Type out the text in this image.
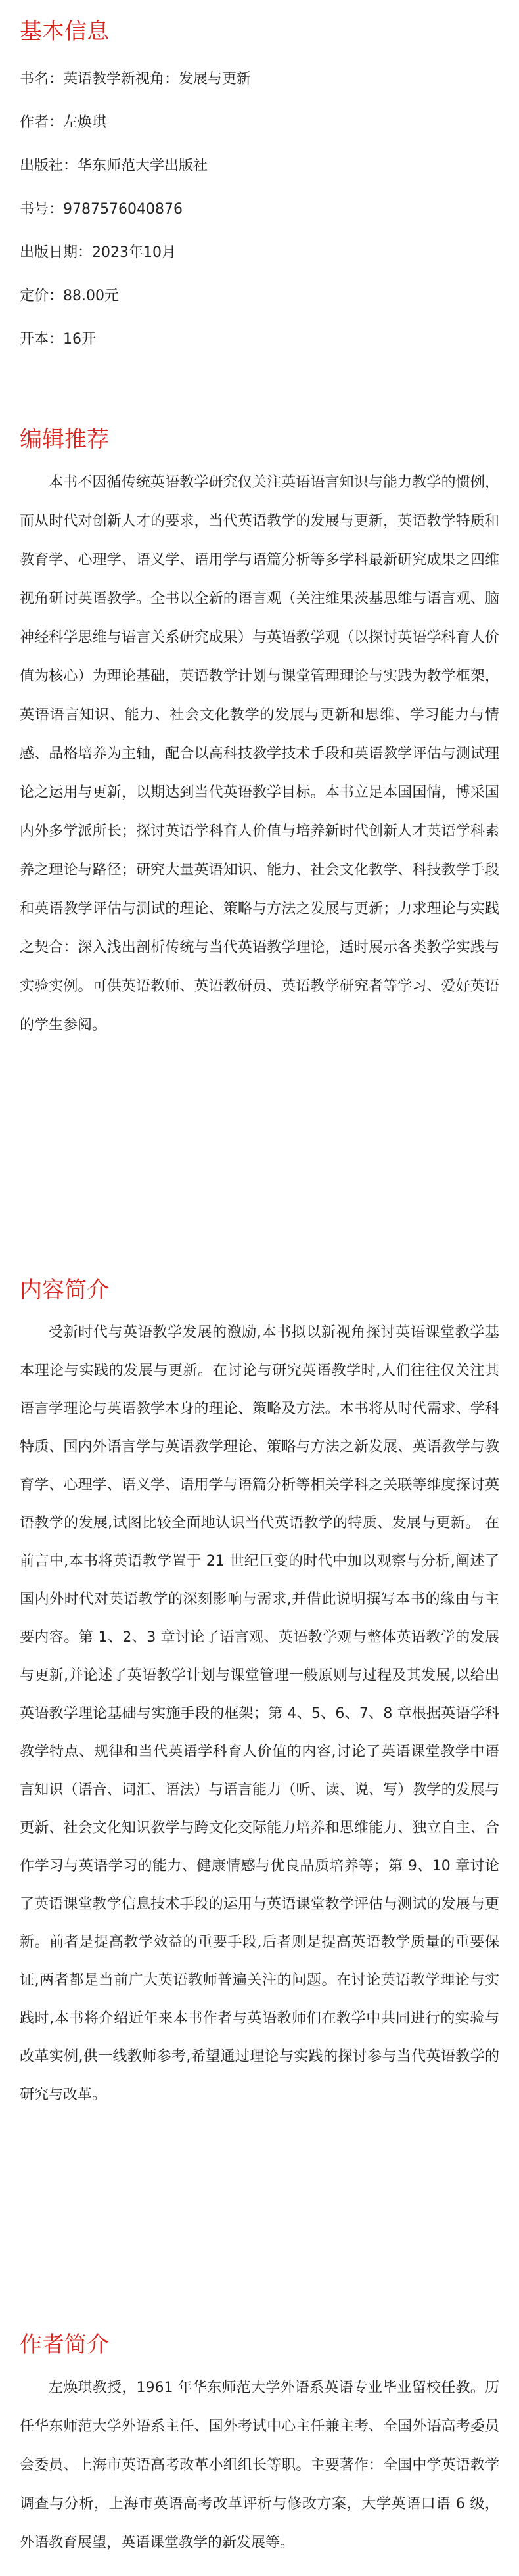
基本信息
书名：英语教学新视角：发展与更新
作者：左焕琪
出版社：华东师范大学出版社
书号：9787576040876
出版日期：2023年10月
定价：88.00元
开本：16开
编辑推荐

本书不因循传统英语教学研究仅关注英语语言知识与能力教学的惯例，而从时代对创新人才的要求，当代英语教学的发展与更新，英语教学特质和教育学、心理学、语义学、语用学与语篇分析等多学科最新研究成果之四维视角研讨英语教学。全书以全新的语言观（关注维果茨基思维与语言观、脑神经科学思维与语言关系研究成果）与英语教学观（以探讨英语学科育人价值为核心）为理论基础，英语教学计划与课堂管理理论与实践为教学框架，英语语言知识、能力、社会文化教学的发展与更新和思维、学习能力与情感、品格培养为主轴，配合以高科技教学技术手段和英语教学评估与测试理论之运用与更新，以期达到当代英语教学目标。本书立足本国国情，博采国内外多学派所长；探讨英语学科育人价值与培养新时代创新人才英语学科素养之理论与路径；研究大量英语知识、能力、社会文化教学、科技教学手段和英语教学评估与测试的理论、策略与方法之发展与更新；力求理论与实践之契合：深入浅出剖析传统与当代英语教学理论，适时展示各类教学实践与实验实例。可供英语教师、英语教研员、英语教学研究者等学习、爱好英语的学生参阅。

内容简介

受新时代与英语教学发展的激励,本书拟以新视角探讨英语课堂教学基本理论与实践的发展与更新。在讨论与研究英语教学时,人们往往仅关注其语言学理论与英语教学本身的理论、策略及方法。本书将从时代需求、学科特质、国内外语言学与英语教学理论、策略与方法之新发展、英语教学与教育学、心理学、语义学、语用学与语篇分析等相关学科之关联等维度探讨英语教学的发展,试图比较全面地认识当代英语教学的特质、发展与更新。 在前言中,本书将英语教学置于 21 世纪巨变的时代中加以观察与分析,阐述了国内外时代对英语教学的深刻影响与需求,并借此说明撰写本书的缘由与主要内容。第 1、2、3 章讨论了语言观、英语教学观与整体英语教学的发展与更新,并论述了英语教学计划与课堂管理一般原则与过程及其发展,以给出英语教学理论基础与实施手段的框架；第 4、5、6、7、8 章根据英语学科教学特点、规律和当代英语学科育人价值的内容,讨论了英语课堂教学中语言知识（语音、词汇、语法）与语言能力（听、读、说、写）教学的发展与更新、社会文化知识教学与跨文化交际能力培养和思维能力、独立自主、合作学习与英语学习的能力、健康情感与优良品质培养等；第 9、10 章讨论了英语课堂教学信息技术手段的运用与英语课堂教学评估与测试的发展与更新。前者是提高教学效益的重要手段,后者则是提高英语教学质量的重要保证,两者都是当前广大英语教师普遍关注的问题。在讨论英语教学理论与实践时,本书将介绍近年来本书作者与英语教师们在教学中共同进行的实验与改革实例,供一线教师参考,希望通过理论与实践的探讨参与当代英语教学的研究与改革。

作者简介

左焕琪教授，1961 年华东师范大学外语系英语专业毕业留校任教。历任华东师范大学外语系主任、国外考试中心主任兼主考、全国外语高考委员会委员、上海市英语高考改革小组组长等职。主要著作：全国中学英语教学调查与分析，上海市英语高考改革评析与修改方案，大学英语口语 6 级，外语教育展望，英语课堂教学的新发展等。
